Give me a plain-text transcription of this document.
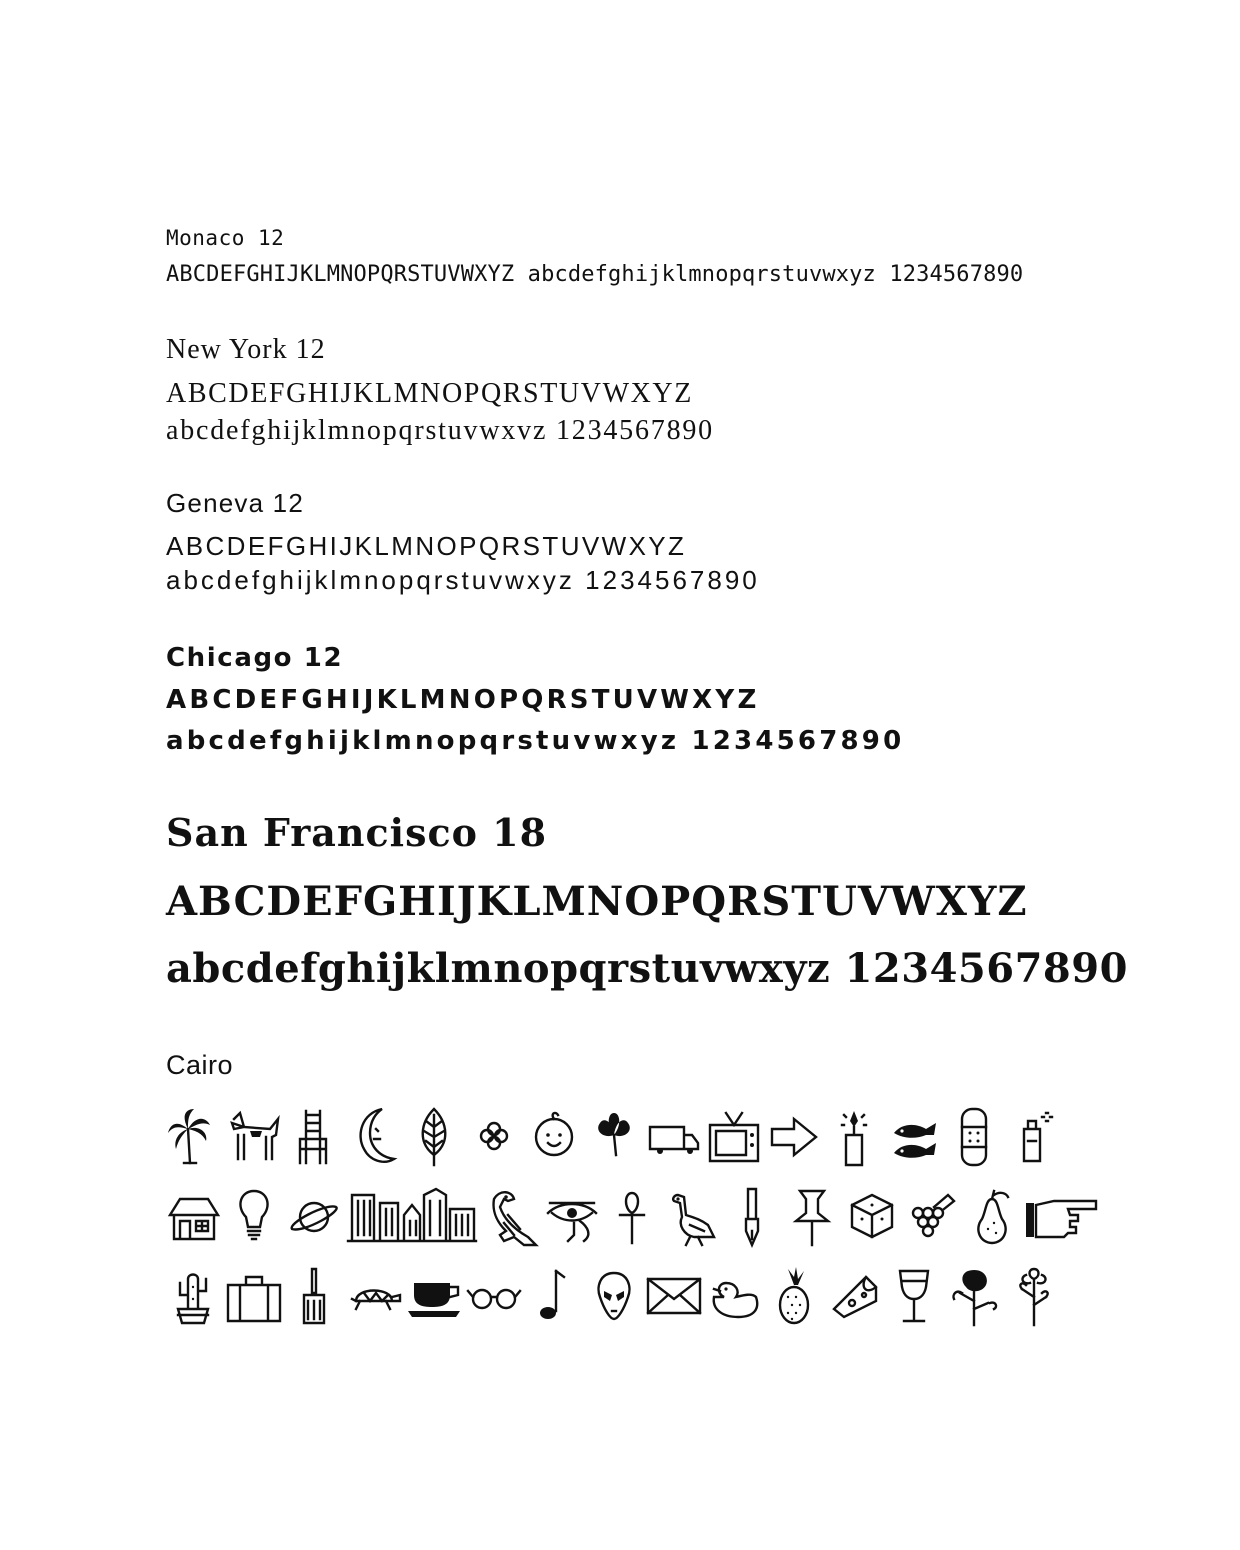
Monaco 12
ABCDEFGHIJKLMNOPQRSTUVWXYZ abcdefghijklmnopqrstuvwxyz 1234567890
New York 12
ABCDEFGHIJKLMNOPQRSTUVWXYZ
abcdefghijklmnopqrstuvwxvz 1234567890
Geneva 12
ABCDEFGHIJKLMNOPQRSTUVWXYZ
abcdefghijklmnopqrstuvwxyz 1234567890
Chicago 12
ABCDEFGHIJKLMNOPQRSTUVWXYZ
abcdefghijklmnopqrstuvwxyz 1234567890
San Francisco 18
ABCDEFGHIJKLMNOPQRSTUVWXYZ
abcdefghijklmnopqrstuvwxyz 1234567890
Cairo
